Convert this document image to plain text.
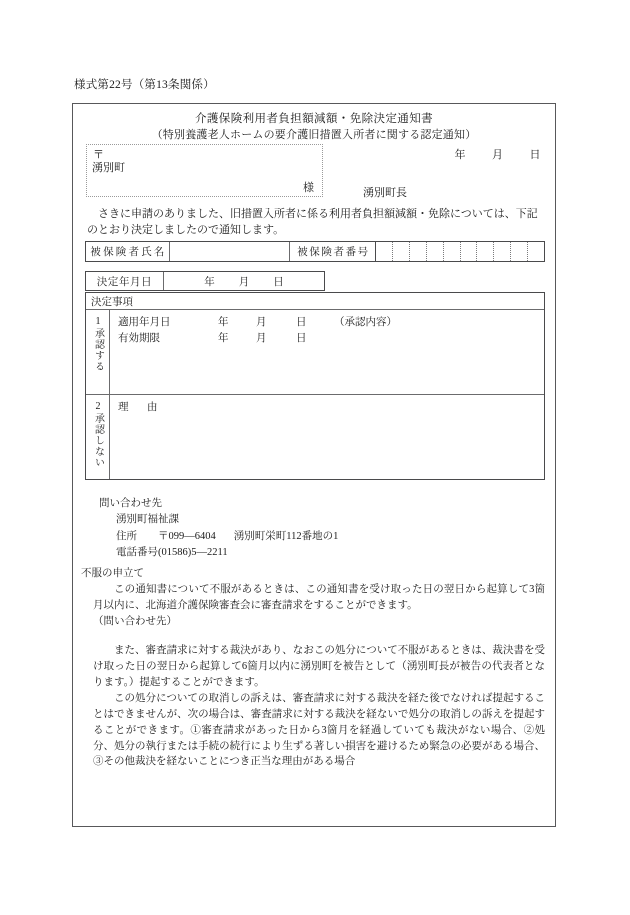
様式第22号（第13条関係）
介護保険利用者負担額減額・免除決定通知書
（特別養護老人ホームの要介護旧措置入所者に関する認定通知）
〒
湧別町
様
年 月 日
湧別町長
さきに申請のありました、旧措置入所者に係る利用者負担額減額・免除については、下記のとおり決定しましたので通知します。
被保険者氏名	被保険者番号
決定年月日	年 月 日
決定事項
1承認する 適用年月日	年	月	日	（承認内容）
有効期限	年	月	日
2承認しない	理　由
問い合わせ先
湧別町福祉課
住所 〒099—6404 湧別町栄町112番地の1
電話番号(01586)5—2211
不服の申立て

この通知書について不服があるときは、この通知書を受け取った日の翌日から起算して3箇月以内に、北海道介護保険審査会に審査請求をすることができます。

（問い合わせ先）

また、審査請求に対する裁決があり、なおこの処分について不服があるときは、裁決書を受け取った日の翌日から起算して6箇月以内に湧別町を被告として（湧別町長が被告の代表者となります。）提起することができます。

この処分についての取消しの訴えは、審査請求に対する裁決を経た後でなければ提起することはできませんが、次の場合は、審査請求に対する裁決を経ないで処分の取消しの訴えを提起することができます。①審査請求があった日から3箇月を経過していても裁決がない場合、②処分、処分の執行または手続の続行により生ずる著しい損害を避けるため緊急の必要がある場合、③その他裁決を経ないことにつき正当な理由がある場合
